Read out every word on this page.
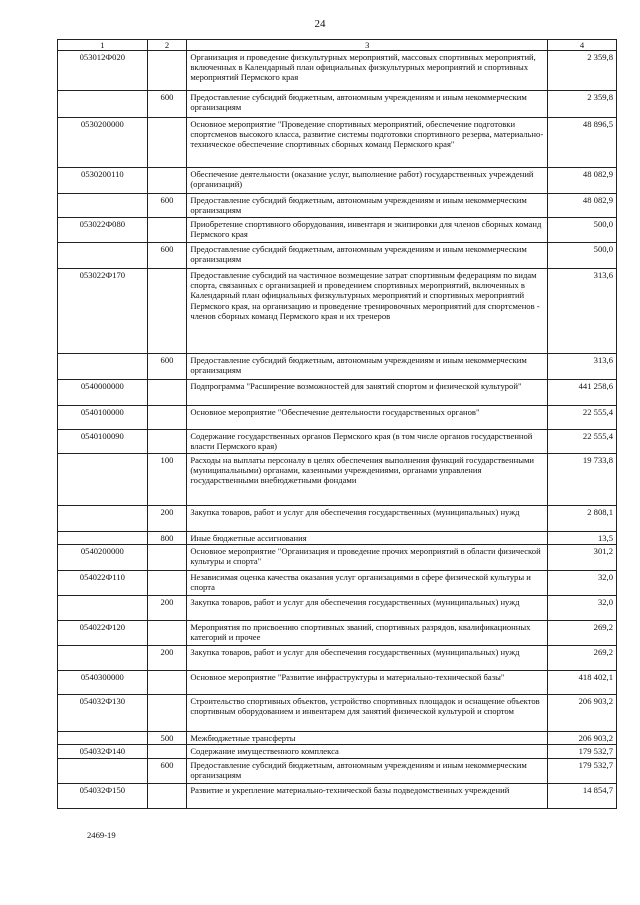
24
1	2	3	4
053012Ф020		Организация и проведение физкультурных мероприятий, массовых спортивных мероприятий, включенных в Календарный план официальных физкультурных мероприятий и спортивных мероприятий Пермского края	2 359,8
	600	Предоставление субсидий бюджетным, автономным учреждениям и иным некоммерческим организациям	2 359,8
0530200000		Основное мероприятие "Проведение спортивных мероприятий, обеспечение подготовки спортсменов высокого класса, развитие системы подготовки спортивного резерва, материально-техническое обеспечение спортивных сборных команд Пермского края"	48 896,5
0530200110		Обеспечение деятельности (оказание услуг, выполнение работ) государственных учреждений (организаций)	48 082,9
	600	Предоставление субсидий бюджетным, автономным учреждениям и иным некоммерческим организациям	48 082,9
053022Ф080		Приобретение спортивного оборудования, инвентаря и экипировки для членов сборных команд Пермского края	500,0
	600	Предоставление субсидий бюджетным, автономным учреждениям и иным некоммерческим организациям	500,0
053022Ф170		Предоставление субсидий на частичное возмещение затрат спортивным федерациям по видам спорта, связанных с организацией и проведением спортивных мероприятий, включенных в Календарный план официальных физкультурных мероприятий и спортивных мероприятий Пермского края, на организацию и проведение тренировочных мероприятий для спортсменов - членов сборных команд Пермского края и их тренеров	313,6
	600	Предоставление субсидий бюджетным, автономным учреждениям и иным некоммерческим организациям	313,6
0540000000		Подпрограмма "Расширение возможностей для занятий спортом и физической культурой"	441 258,6
0540100000		Основное мероприятие "Обеспечение деятельности государственных органов"	22 555,4
0540100090		Содержание государственных органов Пермского края (в том числе органов государственной власти Пермского края)	22 555,4
	100	Расходы на выплаты персоналу в целях обеспечения выполнения функций государственными (муниципальными) органами, казенными учреждениями, органами управления государственными внебюджетными фондами	19 733,8
	200	Закупка товаров, работ и услуг для обеспечения государственных (муниципальных) нужд	2 808,1
	800	Иные бюджетные ассигнования	13,5
0540200000		Основное мероприятие "Организация и проведение прочих мероприятий в области физической культуры и спорта"	301,2
054022Ф110		Независимая оценка качества оказания услуг организациями в сфере физической культуры и спорта	32,0
	200	Закупка товаров, работ и услуг для обеспечения государственных (муниципальных) нужд	32,0
054022Ф120		Мероприятия по присвоению спортивных званий, спортивных разрядов, квалификационных категорий и прочее	269,2
	200	Закупка товаров, работ и услуг для обеспечения государственных (муниципальных) нужд	269,2
0540300000		Основное мероприятие "Развитие инфраструктуры и материально-технической базы"	418 402,1
054032Ф130		Строительство спортивных объектов, устройство спортивных площадок и оснащение объектов спортивным оборудованием и инвентарем для занятий физической культурой и спортом	206 903,2
	500	Межбюджетные трансферты	206 903,2
054032Ф140		Содержание имущественного комплекса	179 532,7
	600	Предоставление субсидий бюджетным, автономным учреждениям и иным некоммерческим организациям	179 532,7
054032Ф150		Развитие и укрепление материально-технической базы подведомственных учреждений	14 854,7
2469-19
